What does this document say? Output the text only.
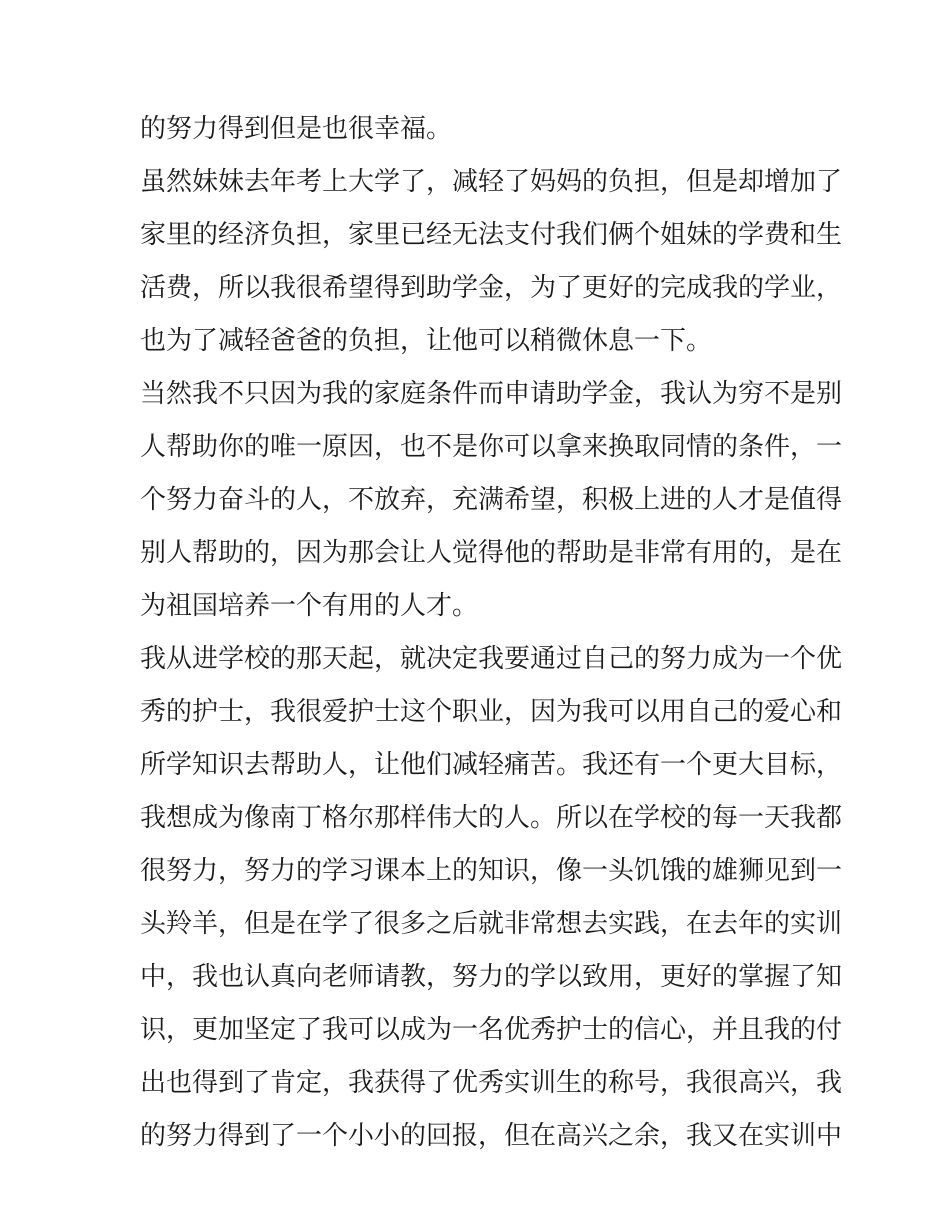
的努力得到但是也很幸福。
虽然妹妹去年考上大学了，减轻了妈妈的负担，但是却增加了
家里的经济负担，家里已经无法支付我们俩个姐妹的学费和生
活费，所以我很希望得到助学金，为了更好的完成我的学业，
也为了减轻爸爸的负担，让他可以稍微休息一下。
当然我不只因为我的家庭条件而申请助学金，我认为穷不是别
人帮助你的唯一原因，也不是你可以拿来换取同情的条件，一
个努力奋斗的人，不放弃，充满希望，积极上进的人才是值得
别人帮助的，因为那会让人觉得他的帮助是非常有用的，是在
为祖国培养一个有用的人才。
我从进学校的那天起，就决定我要通过自己的努力成为一个优
秀的护士，我很爱护士这个职业，因为我可以用自己的爱心和
所学知识去帮助人，让他们减轻痛苦。我还有一个更大目标，
我想成为像南丁格尔那样伟大的人。所以在学校的每一天我都
很努力，努力的学习课本上的知识，像一头饥饿的雄狮见到一
头羚羊，但是在学了很多之后就非常想去实践，在去年的实训
中，我也认真向老师请教，努力的学以致用，更好的掌握了知
识，更加坚定了我可以成为一名优秀护士的信心，并且我的付
出也得到了肯定，我获得了优秀实训生的称号，我很高兴，我
的努力得到了一个小小的回报，但在高兴之余，我又在实训中
